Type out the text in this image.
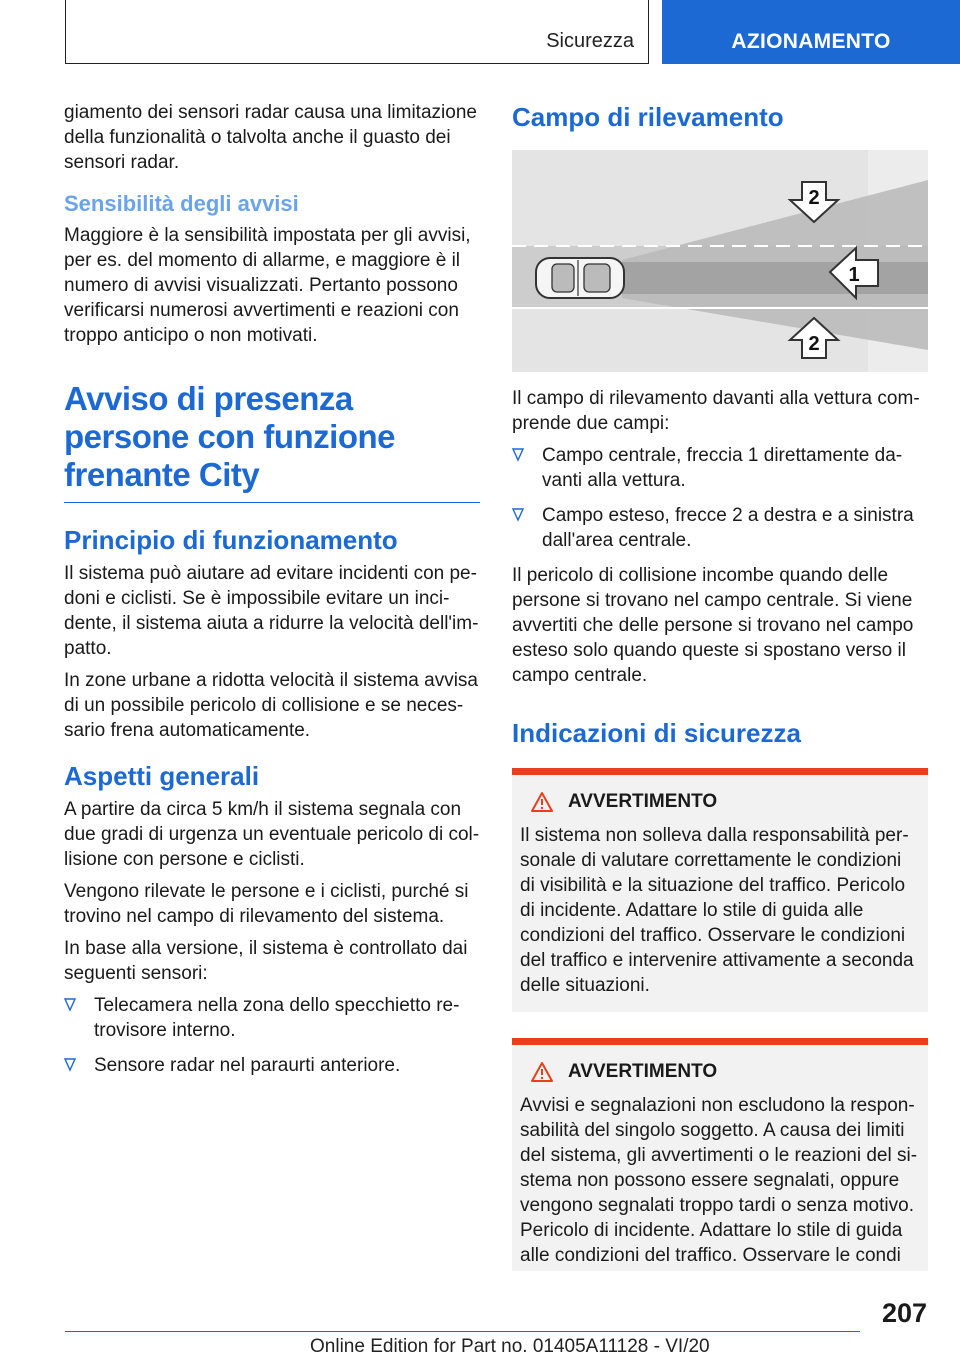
Sicurezza	AZIONAMENTO

giamento dei sensori radar causa una limitazione della funzionalità o talvolta anche il guasto dei sensori radar.

Sensibilità degli avvisi

Maggiore è la sensibilità impostata per gli avvisi, per es. del momento di allarme, e maggiore è il numero di avvisi visualizzati. Pertanto possono verificarsi numerosi avvertimenti e reazioni con troppo anticipo o non motivati.

Avviso di presenza persone con funzione frenante City
Principio di funzionamento

Il sistema può aiutare ad evitare incidenti con pedoni e ciclisti. Se è impossibile evitare un incidente, il sistema aiuta a ridurre la velocità dell'impatto.

In zone urbane a ridotta velocità il sistema avvisa di un possibile pericolo di collisione e se necessario frena automaticamente.

Aspetti generali

A partire da circa 5 km/h il sistema segnala con due gradi di urgenza un eventuale pericolo di collisione con persone e ciclisti.

Vengono rilevate le persone e i ciclisti, purché si trovino nel campo di rilevamento del sistema.

In base alla versione, il sistema è controllato dai seguenti sensori:

Telecamera nella zona dello specchietto retrovisore interno.
Sensore radar nel paraurti anteriore.
Campo di rilevamento
1
2
2

Il campo di rilevamento davanti alla vettura comprende due campi:

Campo centrale, freccia 1 direttamente davanti alla vettura.
Campo esteso, frecce 2 a destra e a sinistra dall'area centrale.

Il pericolo di collisione incombe quando delle persone si trovano nel campo centrale. Si viene avvertiti che delle persone si trovano nel campo esteso solo quando queste si spostano verso il campo centrale.

Indicazioni di sicurezza
AVVERTIMENTO

Il sistema non solleva dalla responsabilità personale di valutare correttamente le condizioni di visibilità e la situazione del traffico. Pericolo di incidente. Adattare lo stile di guida alle condizioni del traffico. Osservare le condizioni del traffico e intervenire attivamente a seconda delle situazioni.

AVVERTIMENTO

Avvisi e segnalazioni non escludono la responsabilità del singolo soggetto. A causa dei limiti del sistema, gli avvertimenti o le reazioni del sistema non possono essere segnalati, oppure vengono segnalati troppo tardi o senza motivo. Pericolo di incidente. Adattare lo stile di guida alle condizioni del traffico. Osservare le condi

207
Online Edition for Part no. 01405A11128 - VI/20
